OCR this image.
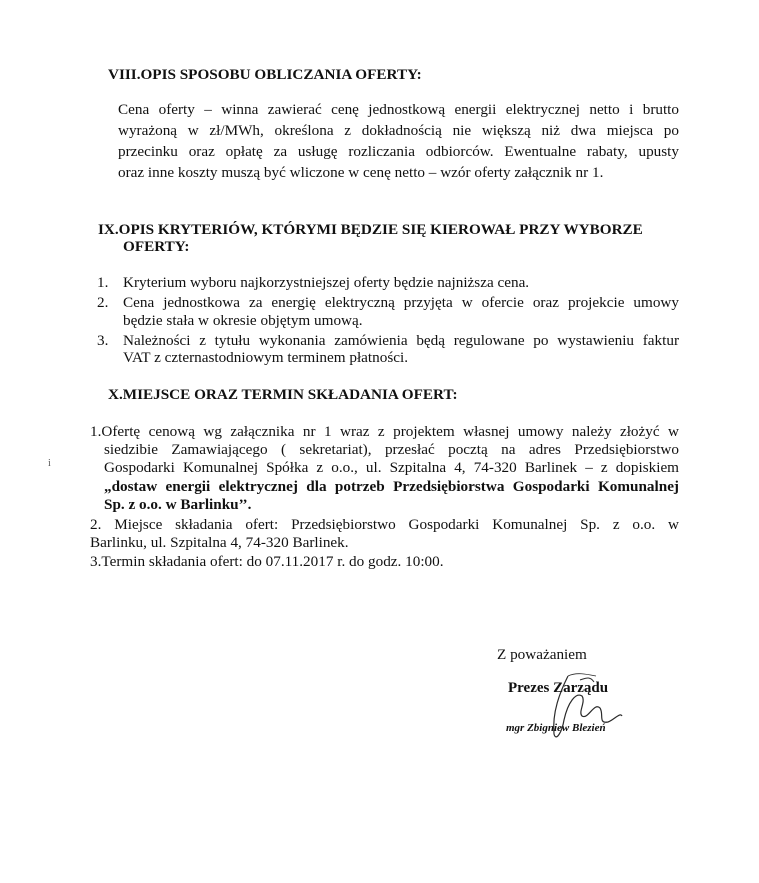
VIII.OPIS SPOSOBU OBLICZANIA OFERTY:
Cena oferty – winna zawierać cenę jednostkową energii elektrycznej netto i brutto
wyrażoną w zł/MWh, określona z dokładnością nie większą niż dwa miejsca po
przecinku oraz opłatę za usługę rozliczania odbiorców. Ewentualne rabaty, upusty
oraz inne koszty muszą być wliczone w cenę netto – wzór oferty załącznik nr 1.
IX.OPIS KRYTERIÓW, KTÓRYMI BĘDZIE SIĘ KIEROWAŁ PRZY WYBORZE
OFERTY:
1. Kryterium wyboru najkorzystniejszej oferty będzie najniższa cena.
2. Cena jednostkowa za energię elektryczną przyjęta w ofercie oraz projekcie umowy
będzie stała w okresie objętym umową.
3. Należności z tytułu wykonania zamówienia będą regulowane po wystawieniu faktur
VAT z czternastodniowym terminem płatności.
X.MIEJSCE ORAZ TERMIN SKŁADANIA OFERT:
1.Ofertę cenową wg załącznika nr 1 wraz z projektem własnej umowy należy złożyć w
siedzibie Zamawiającego ( sekretariat), przesłać pocztą na adres Przedsiębiorstwo
Gospodarki Komunalnej Spółka z o.o., ul. Szpitalna 4, 74-320 Barlinek – z dopiskiem
„dostaw energii elektrycznej dla potrzeb Przedsiębiorstwa Gospodarki Komunalnej
Sp. z o.o. w Barlinku’’.
2. Miejsce składania ofert: Przedsiębiorstwo Gospodarki Komunalnej Sp. z o.o. w
Barlinku, ul. Szpitalna 4, 74-320 Barlinek.
3.Termin składania ofert: do 07.11.2017 r. do godz. 10:00.
i
Z poważaniem
Prezes Zarządu
mgr Zbigniew Blezień
